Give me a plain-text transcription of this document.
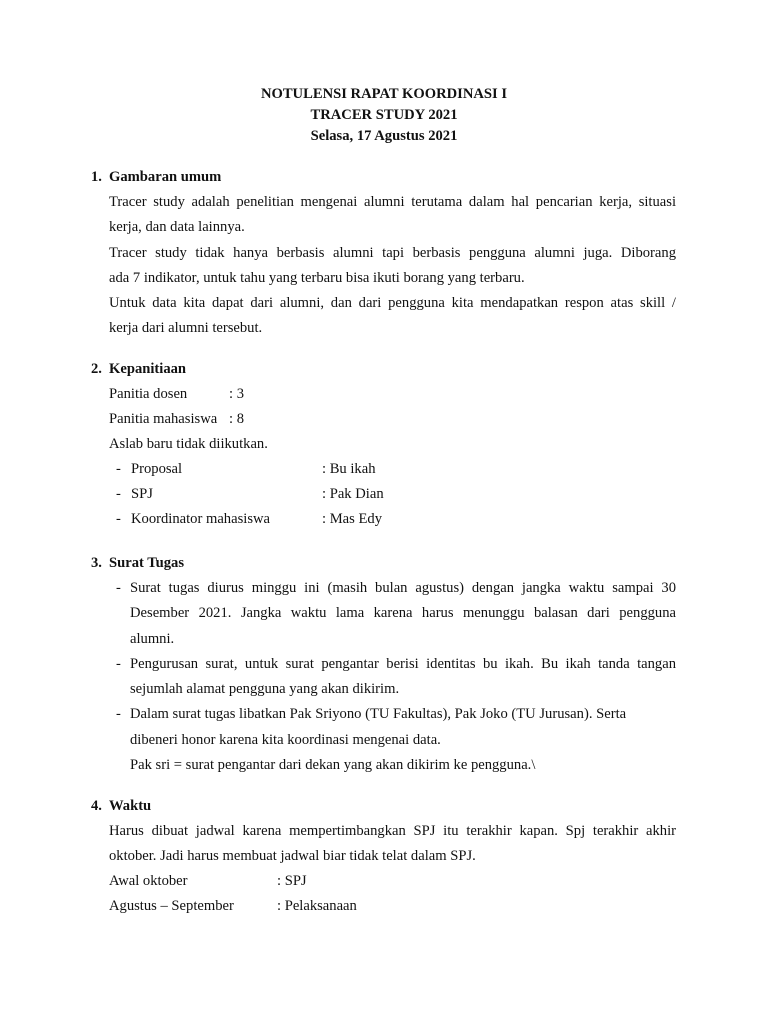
NOTULENSI RAPAT KOORDINASI I
TRACER STUDY 2021
Selasa, 17 Agustus 2021
1. Gambaran umum
Tracer study adalah penelitian mengenai alumni terutama dalam hal pencarian kerja, situasi
kerja, dan data lainnya.
Tracer study tidak hanya berbasis alumni tapi berbasis pengguna alumni juga. Diborang
ada 7 indikator, untuk tahu yang terbaru bisa ikuti borang yang terbaru.
Untuk data kita dapat dari alumni, dan dari pengguna kita mendapatkan respon atas skill /
kerja dari alumni tersebut.
2. Kepanitiaan
Panitia dosen	: 3
Panitia mahasiswa : 8
Aslab baru tidak diikutkan.
- Proposal	: Bu ikah
- SPJ	: Pak Dian
- Koordinator mahasiswa	: Mas Edy
3. Surat Tugas
- Surat tugas diurus minggu ini (masih bulan agustus) dengan jangka waktu sampai 30
Desember 2021. Jangka waktu lama karena harus menunggu balasan dari pengguna
alumni.
- Pengurusan surat, untuk surat pengantar berisi identitas bu ikah. Bu ikah tanda tangan
sejumlah alamat pengguna yang akan dikirim.
- Dalam surat tugas libatkan Pak Sriyono (TU Fakultas), Pak Joko (TU Jurusan). Serta
dibeneri honor karena kita koordinasi mengenai data.
Pak sri = surat pengantar dari dekan yang akan dikirim ke pengguna.\
4. Waktu
Harus dibuat jadwal karena mempertimbangkan SPJ itu terakhir kapan. Spj terakhir akhir
oktober. Jadi harus membuat jadwal biar tidak telat dalam SPJ.
Awal oktober	: SPJ
Agustus – September	: Pelaksanaan
